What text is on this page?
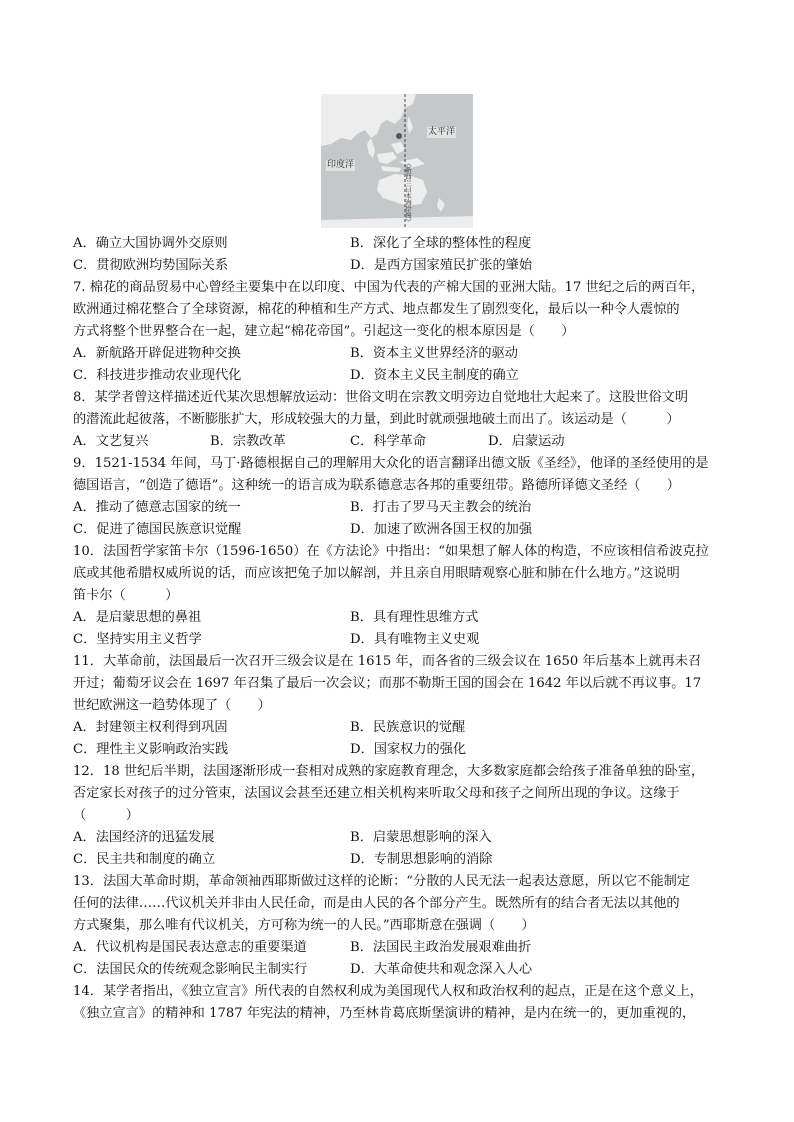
太平洋
印度洋	《新西兰日本海岸图》
A．确立大国协调外交原则	B．深化了全球的整体性的程度
C．贯彻欧洲均势国际关系	D．是西方国家殖民扩张的肇始
7. 棉花的商品贸易中心曾经主要集中在以印度、中国为代表的产棉大国的亚洲大陆。17 世纪之后的两百年，
欧洲通过棉花整合了全球资源，棉花的种植和生产方式、地点都发生了剧烈变化，最后以一种令人震惊的
方式将整个世界整合在一起，建立起“棉花帝国”。引起这一变化的根本原因是（　　）
A．新航路开辟促进物种交换	B．资本主义世界经济的驱动
C．科技进步推动农业现代化	D．资本主义民主制度的确立
8．某学者曾这样描述近代某次思想解放运动：世俗文明在宗教文明旁边自觉地壮大起来了。这股世俗文明
的潜流此起彼落，不断膨胀扩大，形成较强大的力量，到此时就顽强地破土而出了。该运动是（　　　）
A．文艺复兴	B．宗教改革	C．科学革命	D．启蒙运动
9．1521-1534 年间，马丁·路德根据自己的理解用大众化的语言翻译出德文版《圣经》，他译的圣经使用的是
德国语言，“创造了德语”。这种统一的语言成为联系德意志各邦的重要纽带。路德所译德文圣经（　　）
A．推动了德意志国家的统一	B．打击了罗马天主教会的统治
C．促进了德国民族意识觉醒	D．加速了欧洲各国王权的加强
10．法国哲学家笛卡尔（1596-1650）在《方法论》中指出：“如果想了解人体的构造，不应该相信希波克拉
底或其他希腊权威所说的话，而应该把兔子加以解剖，并且亲自用眼睛观察心脏和肺在什么地方。”这说明
笛卡尔（　　　）
A．是启蒙思想的鼻祖	B．具有理性思维方式
C．坚持实用主义哲学	D．具有唯物主义史观
11．大革命前，法国最后一次召开三级会议是在 1615 年，而各省的三级会议在 1650 年后基本上就再未召
开过；葡萄牙议会在 1697 年召集了最后一次会议；而那不勒斯王国的国会在 1642 年以后就不再议事。17
世纪欧洲这一趋势体现了（　　）
A．封建领主权利得到巩固	B．民族意识的觉醒
C．理性主义影响政治实践	D．国家权力的强化
12．18 世纪后半期，法国逐渐形成一套相对成熟的家庭教育理念，大多数家庭都会给孩子准备单独的卧室，
否定家长对孩子的过分管束，法国议会甚至还建立相关机构来听取父母和孩子之间所出现的争议。这缘于
（　　　）
A．法国经济的迅猛发展	B．启蒙思想影响的深入
C．民主共和制度的确立	D．专制思想影响的消除
13．法国大革命时期，革命领袖西耶斯做过这样的论断：“分散的人民无法一起表达意愿，所以它不能制定
任何的法律……代议机关并非由人民任命，而是由人民的各个部分产生。既然所有的结合者无法以其他的
方式聚集，那么唯有代议机关，方可称为统一的人民。”西耶斯意在强调（　　）
A．代议机构是国民表达意志的重要渠道	B．法国民主政治发展艰难曲折
C．法国民众的传统观念影响民主制实行	D．大革命使共和观念深入人心
14．某学者指出，《独立宣言》所代表的自然权利成为美国现代人权和政治权利的起点，正是在这个意义上，
《独立宣言》的精神和 1787 年宪法的精神，乃至林肯葛底斯堡演讲的精神，是内在统一的，更加重视的，
